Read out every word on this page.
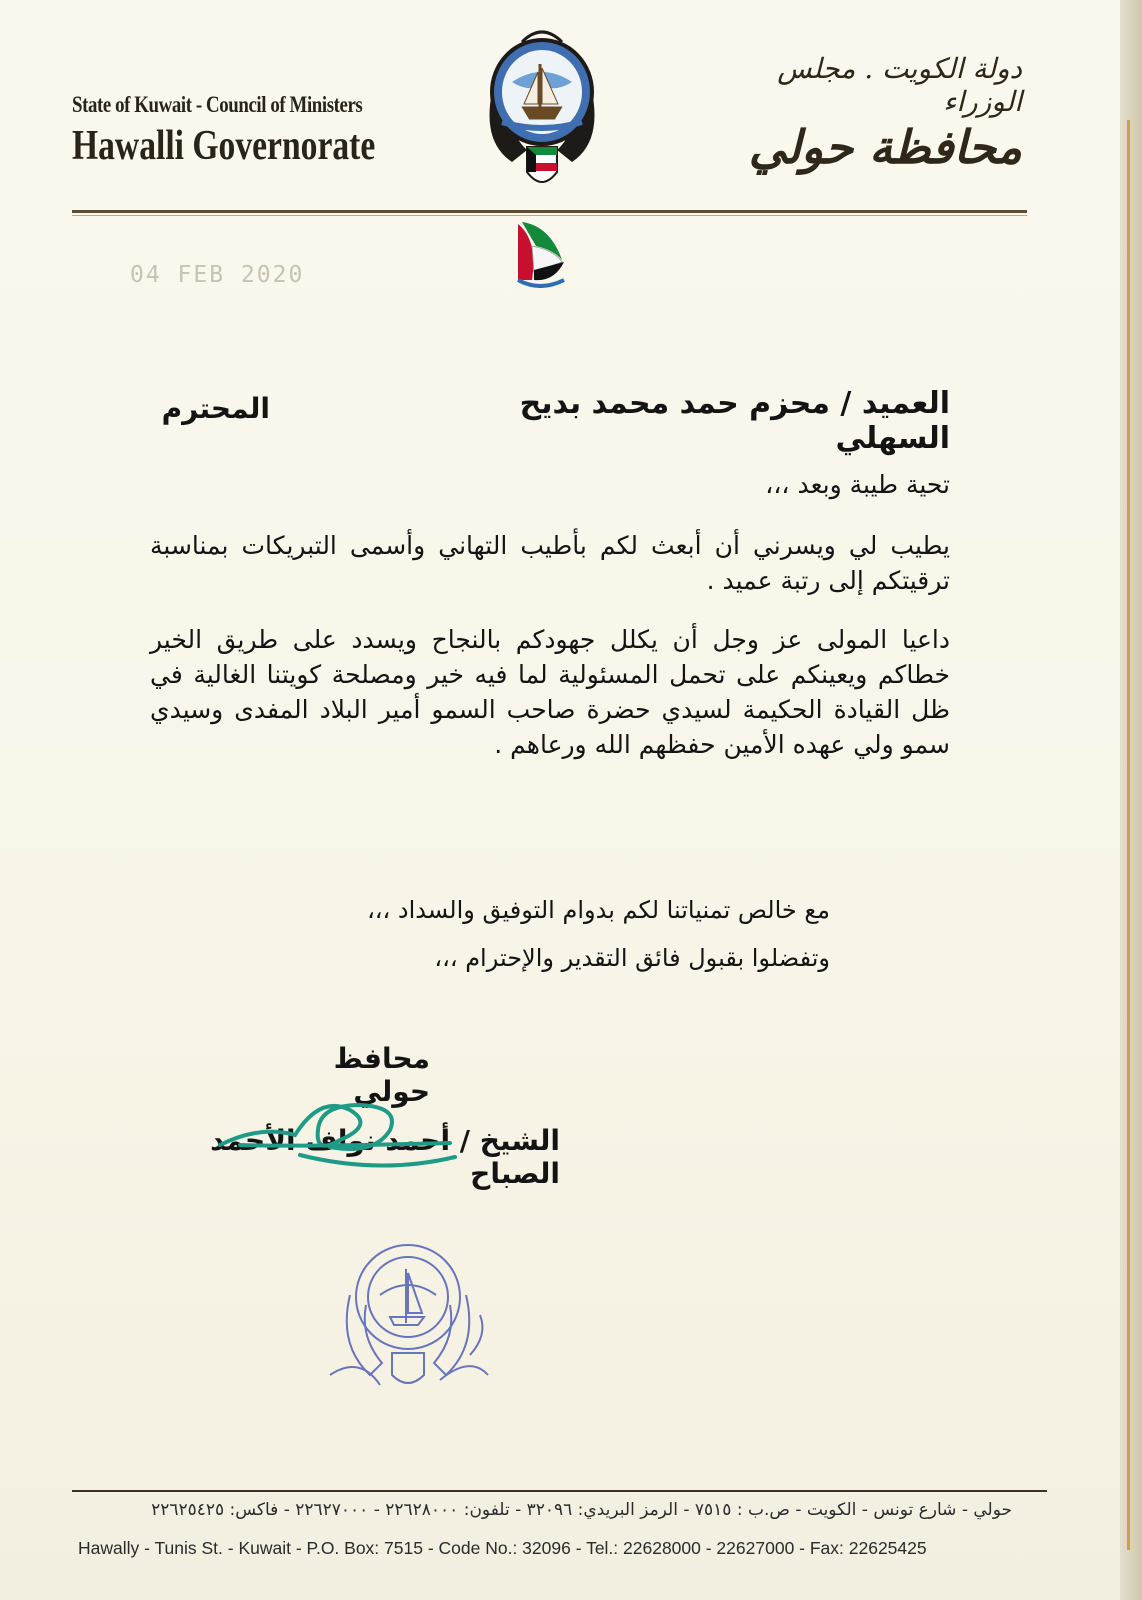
State of Kuwait - Council of Ministers
Hawalli Governorate
دولة الكويت . مجلس الوزراء
محافظة حولي
04 FEB 2020
العميد / محزم حمد محمد بديح السهلي
المحترم
تحية طيبة وبعد ،،،
يطيب لي ويسرني أن أبعث لكم بأطيب التهاني وأسمى التبريكات بمناسبة ترقيتكم إلى رتبة عميد .
داعيا المولى عز وجل أن يكلل جهودكم بالنجاح ويسدد على طريق الخير خطاكم ويعينكم على تحمل المسئولية لما فيه خير ومصلحة كويتنا الغالية في ظل القيادة الحكيمة لسيدي حضرة صاحب السمو أمير البلاد المفدى وسيدي سمو ولي عهده الأمين حفظهم الله ورعاهم .
مع خالص تمنياتنا لكم بدوام التوفيق والسداد ،،،
وتفضلوا بقبول فائق التقدير والإحترام ،،،
محافظ حولي
الشيخ / أحمد نواف الأحمد الصباح
حولي - شارع تونس - الكويت - ص.ب : ٧٥١٥ - الرمز البريدي: ٣٢٠٩٦ - تلفون: ٢٢٦٢٨٠٠٠ - ٢٢٦٢٧٠٠٠ - فاكس: ٢٢٦٢٥٤٢٥
Hawally - Tunis St. - Kuwait - P.O. Box: 7515 - Code No.: 32096 - Tel.: 22628000 - 22627000 - Fax: 22625425
